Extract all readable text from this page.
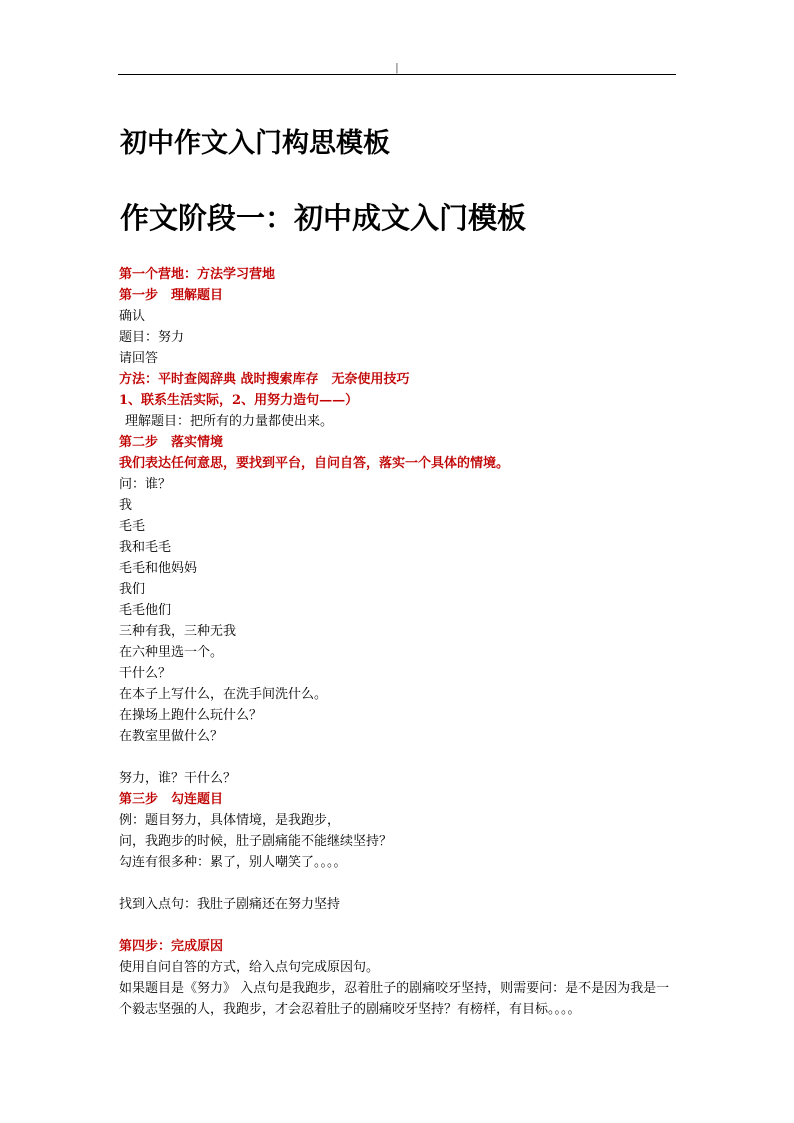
|
初中作文入门构思模板
作文阶段一：初中成文入门模板
第一个营地：方法学习营地
第一步　理解题目
确认
题目：努力
请回答
方法：平时查阅辞典 战时搜索库存　无奈使用技巧
1、联系生活实际，2、用努力造句——）
理解题目：把所有的力量都使出来。
第二步　落实情境
我们表达任何意思，要找到平台，自问自答，落实一个具体的情境。
问：谁？
我
毛毛
我和毛毛
毛毛和他妈妈
我们
毛毛他们
三种有我，三种无我
在六种里选一个。
干什么？
在本子上写什么，在洗手间洗什么。
在操场上跑什么玩什么？
在教室里做什么？
努力，谁？干什么？
第三步　勾连题目
例：题目努力，具体情境，是我跑步，
问，我跑步的时候，肚子剧痛能不能继续坚持？
勾连有很多种：累了，别人嘲笑了。。。。
找到入点句：我肚子剧痛还在努力坚持
第四步：完成原因
使用自问自答的方式，给入点句完成原因句。
如果题目是《努力》 入点句是我跑步，忍着肚子的剧痛咬牙坚持，则需要问：是不是因为我是一个毅志坚强的人，我跑步，才会忍着肚子的剧痛咬牙坚持？有榜样，有目标。。。。
